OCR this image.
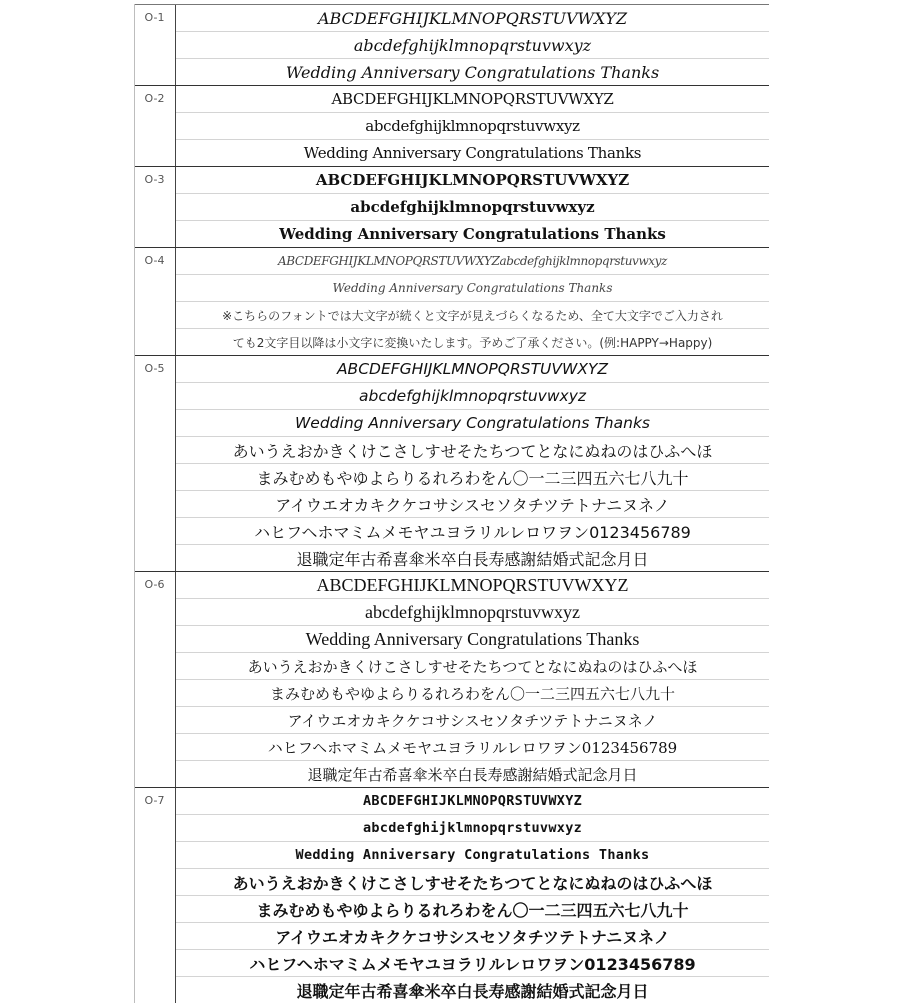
O-1	ABCDEFGHIJKLMNOPQRSTUVWXYZ
abcdefghijklmnopqrstuvwxyz
Wedding Anniversary Congratulations Thanks
O-2	ABCDEFGHIJKLMNOPQRSTUVWXYZ
abcdefghijklmnopqrstuvwxyz
Wedding Anniversary Congratulations Thanks
O-3	ABCDEFGHIJKLMNOPQRSTUVWXYZ
abcdefghijklmnopqrstuvwxyz
Wedding Anniversary Congratulations Thanks
O-4	ABCDEFGHIJKLMNOPQRSTUVWXYZabcdefghijklmnopqrstuvwxyz
Wedding Anniversary Congratulations Thanks
※こちらのフォントでは大文字が続くと文字が見えづらくなるため、全て大文字でご入力され
ても2文字目以降は小文字に変換いたします。予めご了承ください。(例:HAPPY→Happy)
O-5	ABCDEFGHIJKLMNOPQRSTUVWXYZ
abcdefghijklmnopqrstuvwxyz
Wedding Anniversary Congratulations Thanks
あいうえおかきくけこさしすせそたちつてとなにぬねのはひふへほ
まみむめもやゆよらりるれろわをん〇一二三四五六七八九十
アイウエオカキクケコサシスセソタチツテトナニヌネノ
ハヒフヘホマミムメモヤユヨラリルレロワヲン0123456789
退職定年古希喜傘米卒白長寿感謝結婚式記念月日
O-6	ABCDEFGHIJKLMNOPQRSTUVWXYZ
abcdefghijklmnopqrstuvwxyz
Wedding Anniversary Congratulations Thanks
あいうえおかきくけこさしすせそたちつてとなにぬねのはひふへほ
まみむめもやゆよらりるれろわをん〇一二三四五六七八九十
アイウエオカキクケコサシスセソタチツテトナニヌネノ
ハヒフヘホマミムメモヤユヨラリルレロワヲン0123456789
退職定年古希喜傘米卒白長寿感謝結婚式記念月日
O-7	ABCDEFGHIJKLMNOPQRSTUVWXYZ
abcdefghijklmnopqrstuvwxyz
Wedding Anniversary Congratulations Thanks
あいうえおかきくけこさしすせそたちつてとなにぬねのはひふへほ
まみむめもやゆよらりるれろわをん〇一二三四五六七八九十
アイウエオカキクケコサシスセソタチツテトナニヌネノ
ハヒフヘホマミムメモヤユヨラリルレロワヲン0123456789
退職定年古希喜傘米卒白長寿感謝結婚式記念月日
